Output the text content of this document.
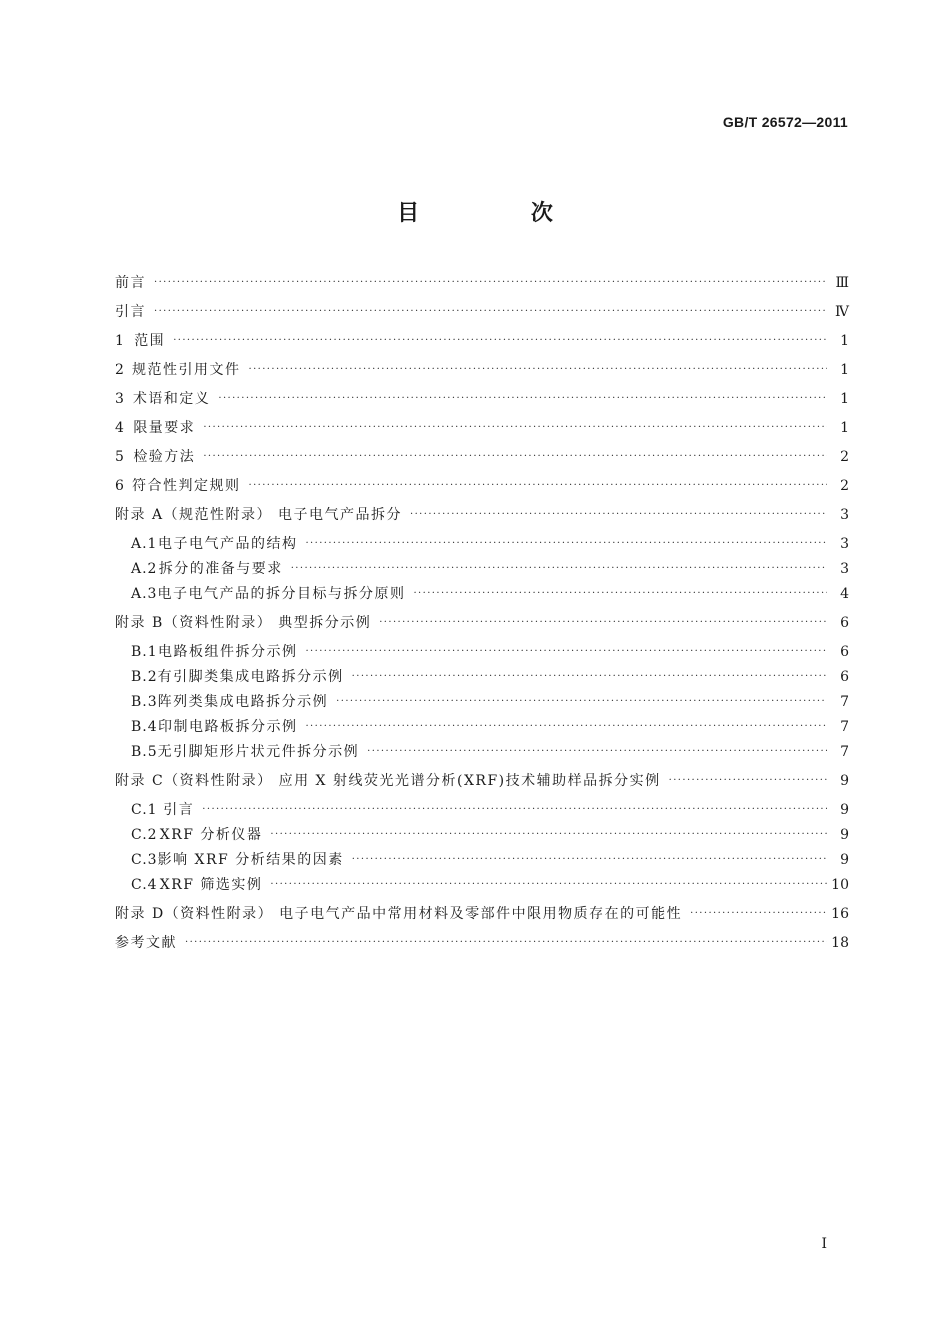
GB/T 26572—2011
目 次
前言 ·····	Ⅲ
引言 ·····	Ⅳ
1 范围 ·····	1
2 规范性引用文件 ·····	1
3 术语和定义 ·····	1
4 限量要求 ·····	1
5 检验方法 ·····	2
6 符合性判定规则 ·····	2
附录 A（规范性附录） 电子电气产品拆分 ·····	3
A.1 电子电气产品的结构 ·····	3
A.2 拆分的准备与要求 ·····	3
A.3 电子电气产品的拆分目标与拆分原则 ·····	4
附录 B（资料性附录） 典型拆分示例 ·····	6
B.1 电路板组件拆分示例 ·····	6
B.2 有引脚类集成电路拆分示例 ·····	6
B.3 阵列类集成电路拆分示例 ·····	7
B.4 印制电路板拆分示例 ·····	7
B.5 无引脚矩形片状元件拆分示例 ·····	7
附录 C（资料性附录） 应用 X 射线荧光光谱分析(XRF)技术辅助样品拆分实例 ·····	9
C.1 引言 ·····	9
C.2 XRF 分析仪器 ·····	9
C.3 影响 XRF 分析结果的因素 ·····	9
C.4 XRF 筛选实例 ·····	10
附录 D（资料性附录） 电子电气产品中常用材料及零部件中限用物质存在的可能性 ·····	16
参考文献 ·····	18
I
